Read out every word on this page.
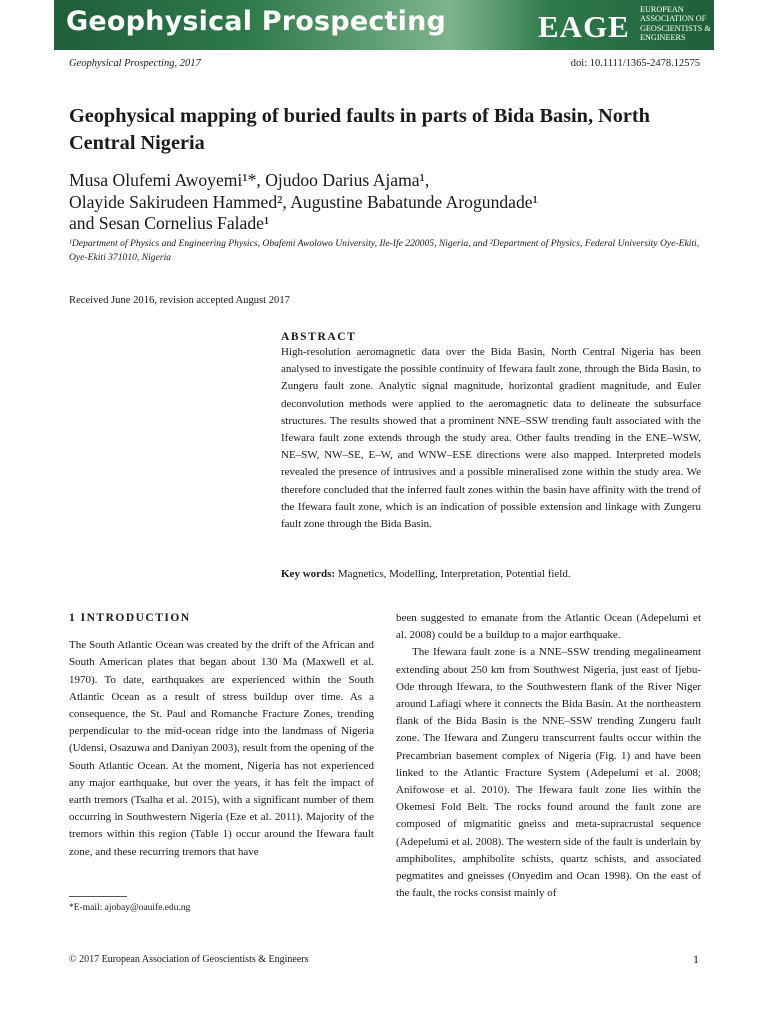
Geophysical Prospecting	EAGE EUROPEAN
ASSOCIATION OF
GEOSCIENTISTS &
ENGINEERS
Geophysical Prospecting, 2017	doi: 10.1111/1365-2478.12575
Geophysical mapping of buried faults in parts of Bida Basin, North Central Nigeria
Musa Olufemi Awoyemi¹*, Ojudoo Darius Ajama¹,
Olayide Sakirudeen Hammed², Augustine Babatunde Arogundade¹
and Sesan Cornelius Falade¹
¹Department of Physics and Engineering Physics, Obafemi Awolowo University, Ile-Ife 220005, Nigeria, and ²Department of Physics, Federal University Oye-Ekiti, Oye-Ekiti 371010, Nigeria
Received June 2016, revision accepted August 2017
ABSTRACT
High-resolution aeromagnetic data over the Bida Basin, North Central Nigeria has been analysed to investigate the possible continuity of Ifewara fault zone, through the Bida Basin, to Zungeru fault zone. Analytic signal magnitude, horizontal gradient magnitude, and Euler deconvolution methods were applied to the aeromagnetic data to delineate the subsurface structures. The results showed that a prominent NNE–SSW trending fault associated with the Ifewara fault zone extends through the study area. Other faults trending in the ENE–WSW, NE–SW, NW–SE, E–W, and WNW–ESE directions were also mapped. Interpreted models revealed the presence of intrusives and a possible mineralised zone within the study area. We therefore concluded that the inferred fault zones within the basin have affinity with the trend of the Ifewara fault zone, which is an indication of possible extension and linkage with Zungeru fault zone through the Bida Basin.
Key words: Magnetics, Modelling, Interpretation, Potential field.
1 INTRODUCTION

The South Atlantic Ocean was created by the drift of the African and South American plates that began about 130 Ma (Maxwell et al. 1970). To date, earthquakes are experienced within the South Atlantic Ocean as a result of stress buildup over time. As a consequence, the St. Paul and Romanche Fracture Zones, trending perpendicular to the mid-ocean ridge into the landmass of Nigeria (Udensi, Osazuwa and Daniyan 2003), result from the opening of the South Atlantic Ocean. At the moment, Nigeria has not experienced any major earthquake, but over the years, it has felt the impact of earth tremors (Tsalha et al. 2015), with a significant number of them occurring in Southwestern Nigeria (Eze et al. 2011). Majority of the tremors within this region (Table 1) occur around the Ifewara fault zone, and these recurring tremors that have

been suggested to emanate from the Atlantic Ocean (Adepelumi et al. 2008) could be a buildup to a major earthquake.

The Ifewara fault zone is a NNE–SSW trending megalineament extending about 250 km from Southwest Nigeria, just east of Ijebu-Ode through Ifewara, to the Southwestern flank of the River Niger around Lafiagi where it connects the Bida Basin. At the northeastern flank of the Bida Basin is the NNE–SSW trending Zungeru fault zone. The Ifewara and Zungeru transcurrent faults occur within the Precambrian basement complex of Nigeria (Fig. 1) and have been linked to the Atlantic Fracture System (Adepelumi et al. 2008; Anifowose et al. 2010). The Ifewara fault zone lies within the Okemesi Fold Belt. The rocks found around the fault zone are composed of migmatitic gneiss and meta-supracrustal sequence (Adepelumi et al. 2008). The western side of the fault is underlain by amphibolites, amphibolite schists, quartz schists, and associated pegmatites and gneisses (Onyedim and Ocan 1998). On the east of the fault, the rocks consist mainly of

*E-mail: ajobay@oauife.edu.ng
© 2017 European Association of Geoscientists & Engineers	1
